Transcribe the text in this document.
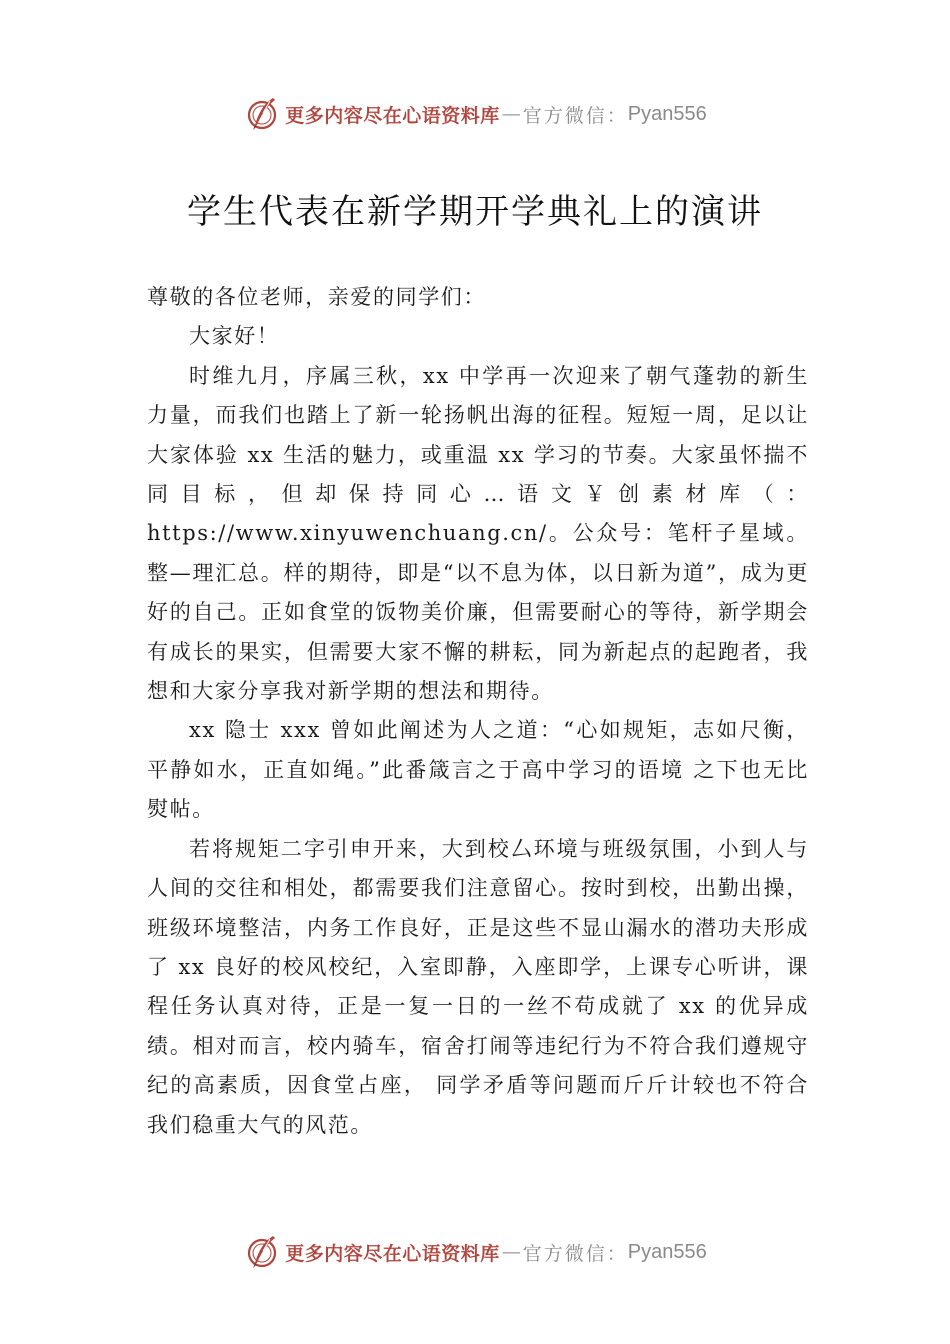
更多内容尽在心语资料库 — 官方微信： Pyan556
学生代表在新学期开学典礼上的演讲

尊敬的各位老师，亲爱的同学们：

大家好！

时维九月，序属三秋，xx 中学再一次迎来了朝气蓬勃的新生力量，而我们也踏上了新一轮扬帆出海的征程。短短一周，足以让大家体验 xx 生活的魅力，或重温 xx 学习的节奏。大家虽怀揣不同目标，但却保持同心…语文￥创素材库（：https://www.xinyuwenchuang.cn/。公众号：笔杆子星域。整—理汇总。样的期待，即是“以不息为体，以日新为道”，成为更好的自己。正如食堂的饭物美价廉，但需要耐心的等待，新学期会有成长的果实，但需要大家不懈的耕耘，同为新起点的起跑者，我想和大家分享我对新学期的想法和期待。

xx 隐士 xxx 曾如此阐述为人之道：“心如规矩，志如尺衡，平静如水，正直如绳。”此番箴言之于高中学习的语境 之下也无比熨帖。

若将规矩二字引申开来，大到校厶环境与班级氛围，小到人与人间的交往和相处，都需要我们注意留心。按时到校，出勤出操，班级环境整洁，内务工作良好，正是这些不显山漏水的潜功夫形成了 xx 良好的校风校纪，入室即静，入座即学，上课专心听讲，课程任务认真对待，正是一复一日的一丝不苟成就了 xx 的优异成绩。相对而言，校内骑车，宿舍打闹等违纪行为不符合我们遵规守纪的高素质，因食堂占座， 同学矛盾等问题而斤斤计较也不符合我们稳重大气的风范。

更多内容尽在心语资料库 — 官方微信： Pyan556
